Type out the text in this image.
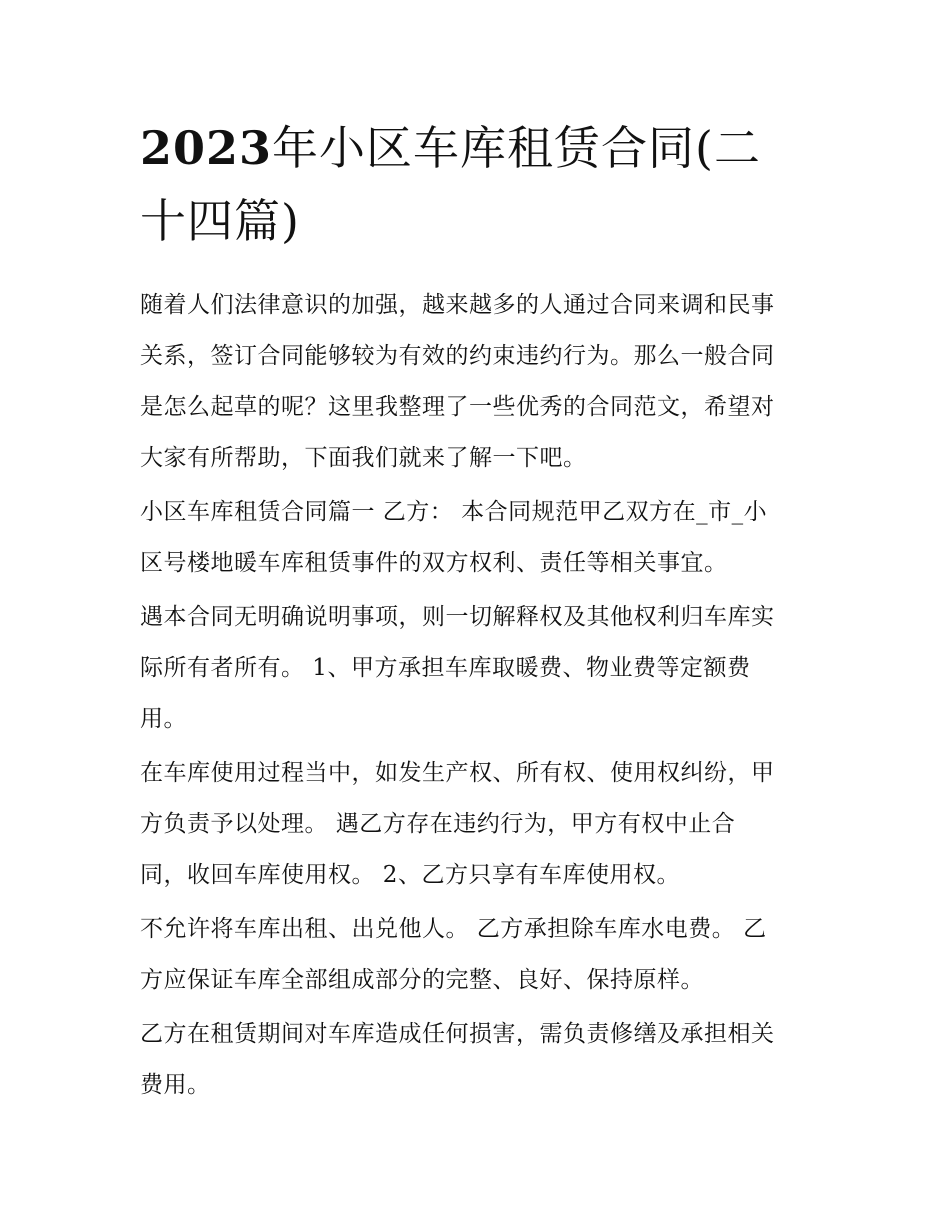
2023年小区车库租赁合同(二
十四篇)

随着人们法律意识的加强，越来越多的人通过合同来调和民事
关系，签订合同能够较为有效的约束违约行为。那么一般合同
是怎么起草的呢？这里我整理了一些优秀的合同范文，希望对
大家有所帮助，下面我们就来了解一下吧。

小区车库租赁合同篇一 乙方： 本合同规范甲乙双方在_市_小
区号楼地暖车库租赁事件的双方权利、责任等相关事宜。

遇本合同无明确说明事项，则一切解释权及其他权利归车库实
际所有者所有。 1、甲方承担车库取暖费、物业费等定额费
用。

在车库使用过程当中，如发生产权、所有权、使用权纠纷，甲
方负责予以处理。 遇乙方存在违约行为，甲方有权中止合
同，收回车库使用权。 2、乙方只享有车库使用权。

不允许将车库出租、出兑他人。 乙方承担除车库水电费。 乙
方应保证车库全部组成部分的完整、良好、保持原样。

乙方在租赁期间对车库造成任何损害，需负责修缮及承担相关
费用。
